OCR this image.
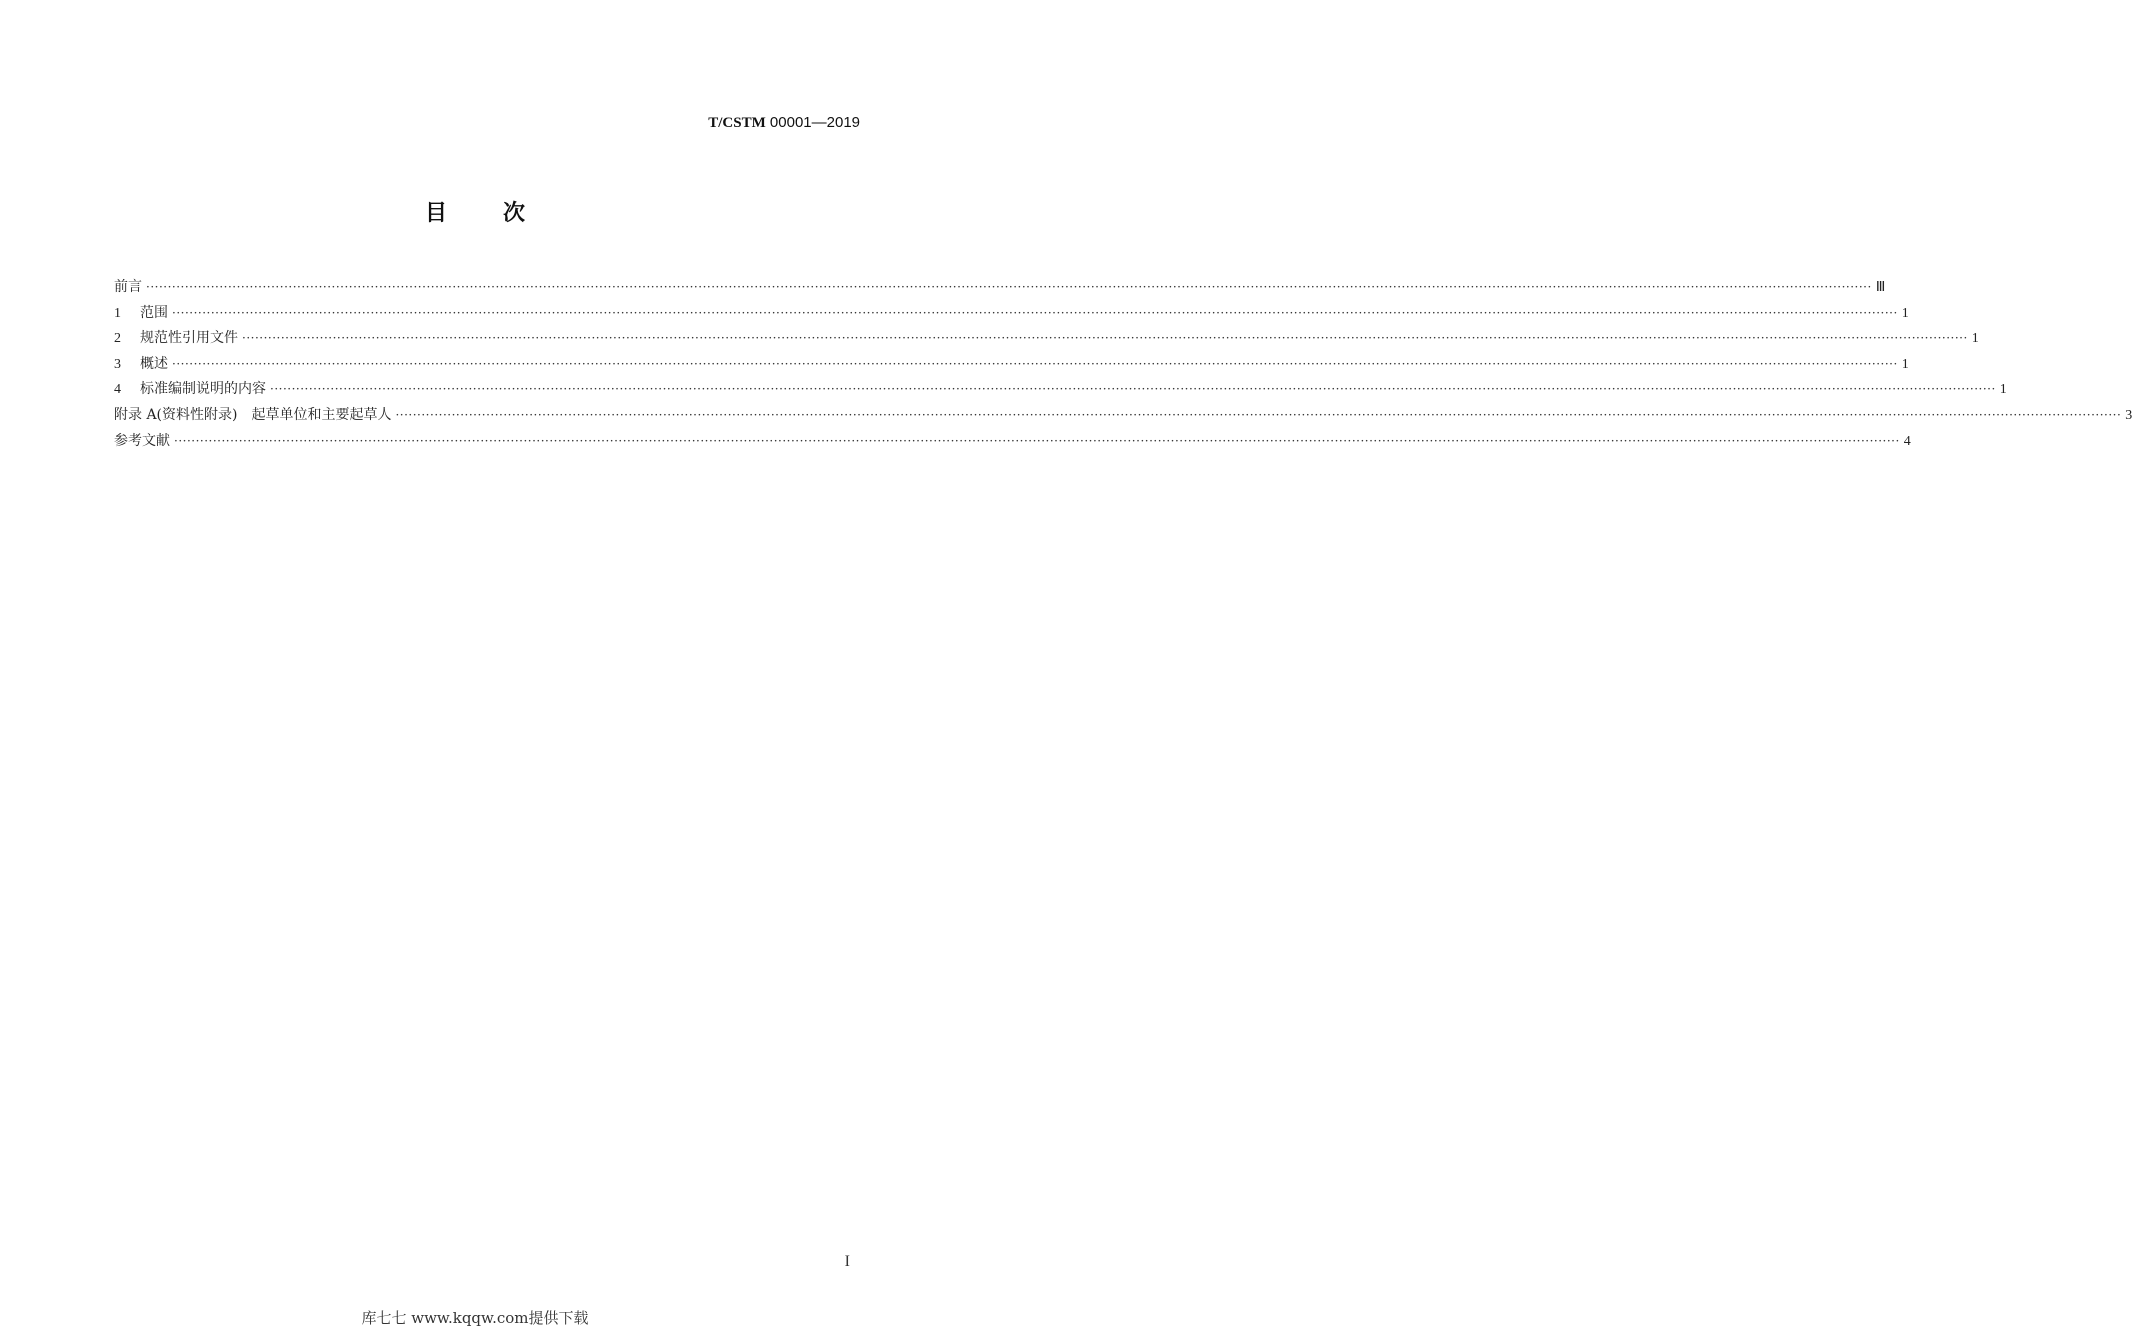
T/CSTM 00001—2019
目次
前言 ················································································································································································································································································································································································································ Ⅲ
1 范围 ················································································································································································································································································································································································································ 1
2 规范性引用文件 ················································································································································································································································································································································································································ 1
3 概述 ················································································································································································································································································································································································································ 1
4 标准编制说明的内容 ················································································································································································································································································································································································································ 1
附录 A(资料性附录)　起草单位和主要起草人 ················································································································································································································································································································································································································ 3
参考文献 ················································································································································································································································································································································································································ 4
I
库七七 www.kqqw.com提供下载
